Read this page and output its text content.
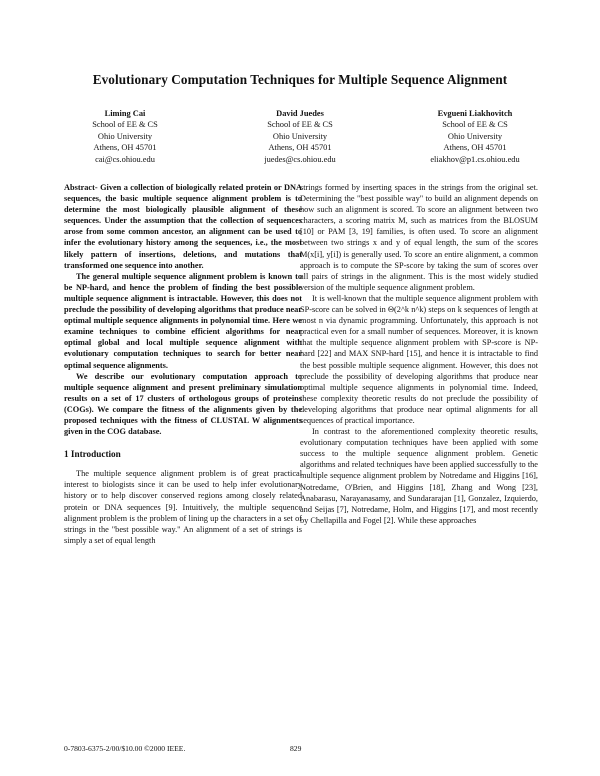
Evolutionary Computation Techniques for Multiple Sequence Alignment
Liming Cai
School of EE & CS
Ohio University
Athens, OH 45701
cai@cs.ohiou.edu
David Juedes
School of EE & CS
Ohio University
Athens, OH 45701
juedes@cs.ohiou.edu
Evgueni Liakhovitch
School of EE & CS
Ohio University
Athens, OH 45701
eliakhov@p1.cs.ohiou.edu

Abstract- Given a collection of biologically related protein or DNA sequences, the basic multiple sequence alignment problem is to determine the most biologically plausible alignment of these sequences. Under the assumption that the collection of sequences arose from some common ancestor, an alignment can be used to infer the evolutionary history among the sequences, i.e., the most likely pattern of insertions, deletions, and mutations that transformed one sequence into another.

The general multiple sequence alignment problem is known to be NP-hard, and hence the problem of finding the best possible multiple sequence alignment is intractable. However, this does not preclude the possibility of developing algorithms that produce near optimal multiple sequence alignments in polynomial time. Here we examine techniques to combine efficient algorithms for near optimal global and local multiple sequence alignment with evolutionary computation techniques to search for better near optimal sequence alignments.

We describe our evolutionary computation approach to multiple sequence alignment and present preliminary simulation results on a set of 17 clusters of orthologous groups of proteins (COGs). We compare the fitness of the alignments given by the proposed techniques with the fitness of CLUSTAL W alignments given in the COG database.

1 Introduction

The multiple sequence alignment problem is of great practical interest to biologists since it can be used to help infer evolutionary history or to help discover conserved regions among closely related protein or DNA sequences [9]. Intuitively, the multiple sequence alignment problem is the problem of lining up the characters in a set of strings in the "best possible way." An alignment of a set of strings is simply a set of equal length

strings formed by inserting spaces in the strings from the original set. Determining the "best possible way" to build an alignment depends on how such an alignment is scored. To score an alignment between two characters, a scoring matrix M, such as matrices from the BLOSUM [10] or PAM [3, 19] families, is often used. To score an alignment between two strings x and y of equal length, the sum of the scores M(x[i], y[i]) is generally used. To score an entire alignment, a common approach is to compute the SP-score by taking the sum of scores over all pairs of strings in the alignment. This is the most widely studied version of the multiple sequence alignment problem.

It is well-known that the multiple sequence alignment problem with SP-score can be solved in Θ(2^k n^k) steps on k sequences of length at most n via dynamic programming. Unfortunately, this approach is not practical even for a small number of sequences. Moreover, it is known that the multiple sequence alignment problem with SP-score is NP-hard [22] and MAX SNP-hard [15], and hence it is intractable to find the best possible multiple sequence alignment. However, this does not preclude the possibility of developing algorithms that produce near optimal multiple sequence alignments in polynomial time. Indeed, these complexity theoretic results do not preclude the possibility of developing algorithms that produce near optimal alignments for all sequences of practical importance.

In contrast to the aforementioned complexity theoretic results, evolutionary computation techniques have been applied with some success to the multiple sequence alignment problem. Genetic algorithms and related techniques have been applied successfully to the multiple sequence alignment problem by Notredame and Higgins [16], Notredame, O'Brien, and Higgins [18], Zhang and Wong [23], Anabarasu, Narayanasamy, and Sundararajan [1], Gonzalez, Izquierdo, and Seijas [7], Notredame, Holm, and Higgins [17], and most recently by Chellapilla and Fogel [2]. While these approaches

0-7803-6375-2/00/$10.00 ©2000 IEEE.	829
